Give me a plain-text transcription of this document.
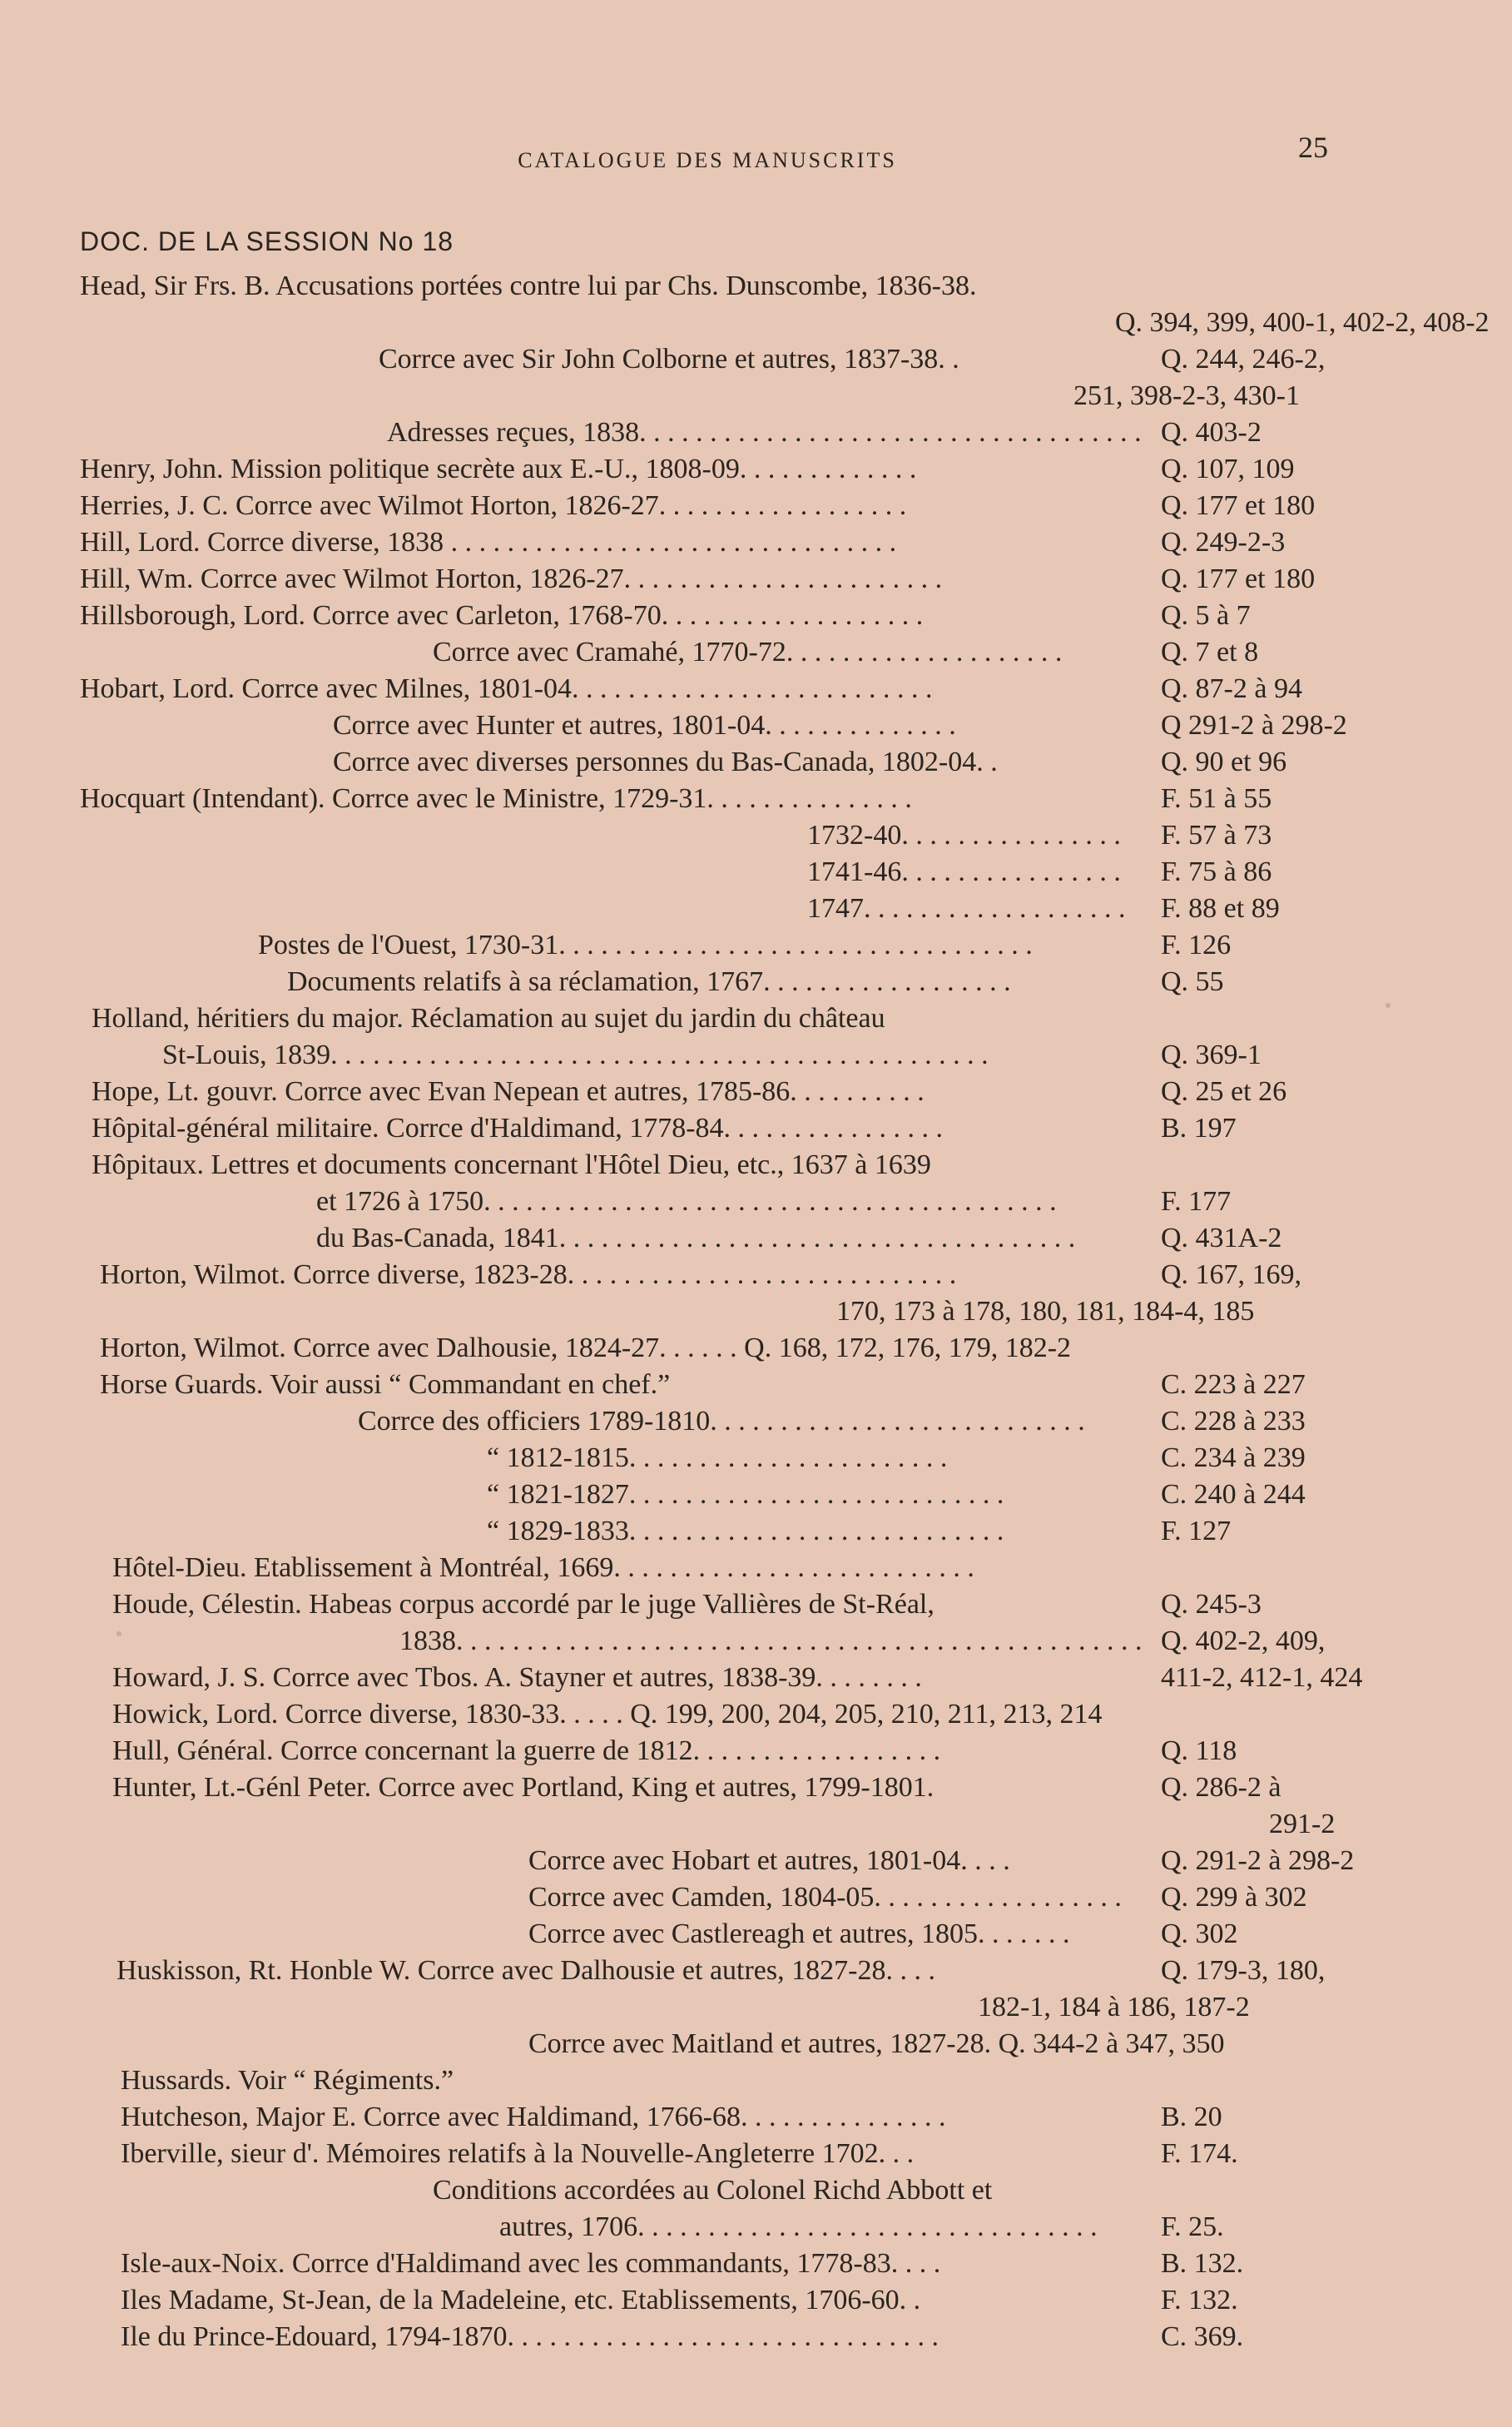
CATALOGUE DES MANUSCRITS	25
DOC. DE LA SESSION No 18
Head, Sir Frs. B. Accusations portées contre lui par Chs. Dunscombe, 1836-38.
Q. 394, 399, 400-1, 402-2, 408-2
Corrce avec Sir John Colborne et autres, 1837-38. .	Q. 244, 246-2,
251, 398-2-3, 430-1
Adresses reçues, 1838. . . . . . . . . . . . . . . . . . . . . . . . . . . . . . . . . . . . Q. 403-2
Henry, John. Mission politique secrète aux E.-U., 1808-09. . . . . . . . . . . . .	Q. 107, 109
Herries, J. C. Corrce avec Wilmot Horton, 1826-27. . . . . . . . . . . . . . . . . .	Q. 177 et 180
Hill, Lord. Corrce diverse, 1838 . . . . . . . . . . . . . . . . . . . . . . . . . . . . . . . .	Q. 249-2-3
Hill, Wm. Corrce avec Wilmot Horton, 1826-27. . . . . . . . . . . . . . . . . . . . . . .	Q. 177 et 180
Hillsborough, Lord. Corrce avec Carleton, 1768-70. . . . . . . . . . . . . . . . . . .	Q. 5 à 7
Corrce avec Cramahé, 1770-72. . . . . . . . . . . . . . . . . . . .	Q. 7 et 8
Hobart, Lord. Corrce avec Milnes, 1801-04. . . . . . . . . . . . . . . . . . . . . . . . . .	Q. 87-2 à 94
Corrce avec Hunter et autres, 1801-04. . . . . . . . . . . . . .	Q 291-2 à 298-2
Corrce avec diverses personnes du Bas-Canada, 1802-04. .	Q. 90 et 96
Hocquart (Intendant). Corrce avec le Ministre, 1729-31. . . . . . . . . . . . . . .	F. 51 à 55
1732-40. . . . . . . . . . . . . . . . F. 57 à 73
1741-46. . . . . . . . . . . . . . . . F. 75 à 86
1747. . . . . . . . . . . . . . . . . . . F. 88 et 89
Postes de l'Ouest, 1730-31. . . . . . . . . . . . . . . . . . . . . . . . . . . . . . . . . .	F. 126
Documents relatifs à sa réclamation, 1767. . . . . . . . . . . . . . . . . .	Q. 55
Holland, héritiers du major. Réclamation au sujet du jardin du château
St-Louis, 1839. . . . . . . . . . . . . . . . . . . . . . . . . . . . . . . . . . . . . . . . . . . . . . .	Q. 369-1
Hope, Lt. gouvr. Corrce avec Evan Nepean et autres, 1785-86. . . . . . . . . .	Q. 25 et 26
Hôpital-général militaire. Corrce d'Haldimand, 1778-84. . . . . . . . . . . . . . . .	B. 197
Hôpitaux. Lettres et documents concernant l'Hôtel Dieu, etc., 1637 à 1639
et 1726 à 1750. . . . . . . . . . . . . . . . . . . . . . . . . . . . . . . . . . . . . . . . .	F. 177
du Bas-Canada, 1841. . . . . . . . . . . . . . . . . . . . . . . . . . . . . . . . . . . . .	Q. 431A-2
Horton, Wilmot. Corrce diverse, 1823-28. . . . . . . . . . . . . . . . . . . . . . . . . . . .	Q. 167, 169,
170, 173 à 178, 180, 181, 184-4, 185
Horton, Wilmot. Corrce avec Dalhousie, 1824-27. . . . . . Q. 168, 172, 176, 179, 182-2
Horse Guards. Voir aussi “ Commandant en chef.”	C. 223 à 227
Corrce des officiers 1789-1810. . . . . . . . . . . . . . . . . . . . . . . . . . .	C. 228 à 233
“ 1812-1815. . . . . . . . . . . . . . . . . . . . . . .	C. 234 à 239
“ 1821-1827. . . . . . . . . . . . . . . . . . . . . . . . . . .	C. 240 à 244
“ 1829-1833. . . . . . . . . . . . . . . . . . . . . . . . . . .	F. 127
Hôtel-Dieu. Etablissement à Montréal, 1669. . . . . . . . . . . . . . . . . . . . . . . . . .
Houde, Célestin. Habeas corpus accordé par le juge Vallières de St-Réal,	Q. 245-3
1838. . . . . . . . . . . . . . . . . . . . . . . . . . . . . . . . . . . . . . . . . . . . . . . . . Q. 402-2, 409,
Howard, J. S. Corrce avec Tbos. A. Stayner et autres, 1838-39. . . . . . . .	411-2, 412-1, 424
Howick, Lord. Corrce diverse, 1830-33. . . . . Q. 199, 200, 204, 205, 210, 211, 213, 214
Hull, Général. Corrce concernant la guerre de 1812. . . . . . . . . . . . . . . . . .	Q. 118
Hunter, Lt.-Génl Peter. Corrce avec Portland, King et autres, 1799-1801.	Q. 286-2 à
291-2
Corrce avec Hobart et autres, 1801-04. . . .	Q. 291-2 à 298-2
Corrce avec Camden, 1804-05. . . . . . . . . . . . . . . . . . Q. 299 à 302
Corrce avec Castlereagh et autres, 1805. . . . . . .	Q. 302
Huskisson, Rt. Honble W. Corrce avec Dalhousie et autres, 1827-28. . . .	Q. 179-3, 180,
182-1, 184 à 186, 187-2
Corrce avec Maitland et autres, 1827-28. Q. 344-2 à 347, 350
Hussards. Voir “ Régiments.”
Hutcheson, Major E. Corrce avec Haldimand, 1766-68. . . . . . . . . . . . . . .	B. 20
Iberville, sieur d'. Mémoires relatifs à la Nouvelle-Angleterre 1702. . .	F. 174.
Conditions accordées au Colonel Richd Abbott et
autres, 1706. . . . . . . . . . . . . . . . . . . . . . . . . . . . . . . . . F. 25.
Isle-aux-Noix. Corrce d'Haldimand avec les commandants, 1778-83. . . .	B. 132.
Iles Madame, St-Jean, de la Madeleine, etc. Etablissements, 1706-60. .	F. 132.
Ile du Prince-Edouard, 1794-1870. . . . . . . . . . . . . . . . . . . . . . . . . . . . . . .	C. 369.
